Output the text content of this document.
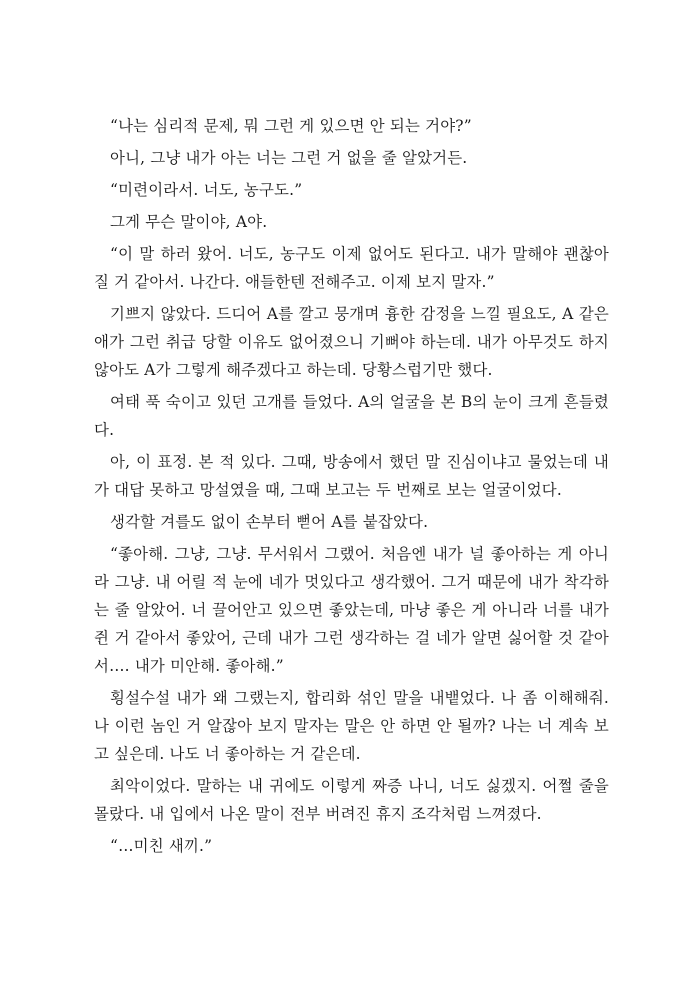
“나는 심리적 문제, 뭐 그런 게 있으면 안 되는 거야?”

아니, 그냥 내가 아는 너는 그런 거 없을 줄 알았거든.

“미련이라서. 너도, 농구도.”

그게 무슨 말이야, A야.

“이 말 하러 왔어. 너도, 농구도 이제 없어도 된다고. 내가 말해야 괜찮아질 거 같아서. 나간다. 애들한텐 전해주고. 이제 보지 말자.”

기쁘지 않았다. 드디어 A를 깔고 뭉개며 흉한 감정을 느낄 필요도, A 같은 애가 그런 취급 당할 이유도 없어졌으니 기뻐야 하는데. 내가 아무것도 하지 않아도 A가 그렇게 해주겠다고 하는데. 당황스럽기만 했다.

여태 푹 숙이고 있던 고개를 들었다. A의 얼굴을 본 B의 눈이 크게 흔들렸다.

아, 이 표정. 본 적 있다. 그때, 방송에서 했던 말 진심이냐고 물었는데 내가 대답 못하고 망설였을 때, 그때 보고는 두 번째로 보는 얼굴이었다.

생각할 겨를도 없이 손부터 뻗어 A를 붙잡았다.

“좋아해. 그냥, 그냥. 무서워서 그랬어. 처음엔 내가 널 좋아하는 게 아니라 그냥. 내 어릴 적 눈에 네가 멋있다고 생각했어. 그거 때문에 내가 착각하는 줄 알았어. 너 끌어안고 있으면 좋았는데, 마냥 좋은 게 아니라 너를 내가 쥔 거 같아서 좋았어, 근데 내가 그런 생각하는 걸 네가 알면 싫어할 것 같아서…. 내가 미안해. 좋아해.”

횡설수설 내가 왜 그랬는지, 합리화 섞인 말을 내뱉었다. 나 좀 이해해줘. 나 이런 놈인 거 알잖아 보지 말자는 말은 안 하면 안 될까? 나는 너 계속 보고 싶은데. 나도 너 좋아하는 거 같은데.

최악이었다. 말하는 내 귀에도 이렇게 짜증 나니, 너도 싫겠지. 어쩔 줄을 몰랐다. 내 입에서 나온 말이 전부 버려진 휴지 조각처럼 느껴졌다.

“…미친 새끼.”
